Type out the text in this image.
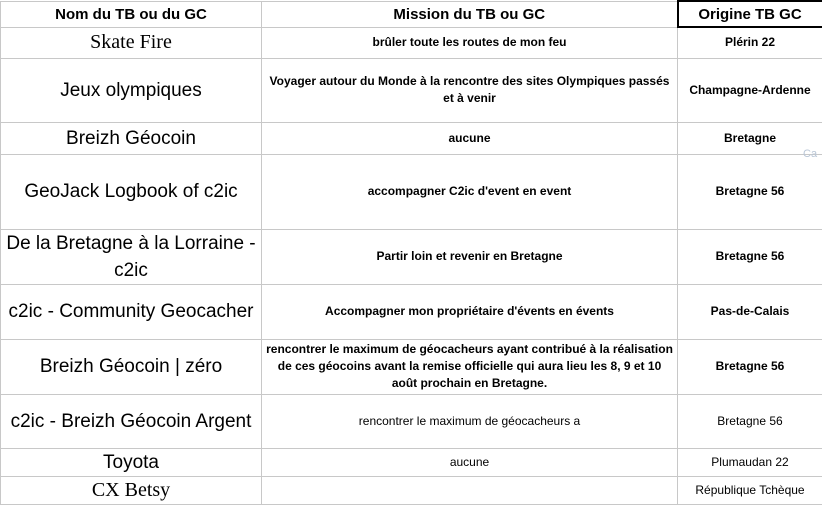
Nom du TB ou du GC	Mission du TB ou GC	Origine TB GC
Skate Fire	brûler toute les routes de mon feu	Plérin 22
Jeux olympiques	Voyager autour du Monde à la rencontre des sites Olympiques passés et à venir	Champagne-Ardenne
Breizh Géocoin	aucune	Bretagne
GeoJack Logbook of c2ic	accompagner C2ic d'event en event	Bretagne 56
De la Bretagne à la Lorraine - c2ic	Partir loin et revenir en Bretagne	Bretagne 56
c2ic - Community Geocacher	Accompagner mon propriétaire d'évents en évents	Pas-de-Calais
Breizh Géocoin | zéro	rencontrer le maximum de géocacheurs ayant contribué à la réalisation de ces géocoins avant la remise officielle qui aura lieu les 8, 9 et 10 août prochain en Bretagne.	Bretagne 56
c2ic - Breizh Géocoin Argent	rencontrer le maximum de géocacheurs a	Bretagne 56
Toyota	aucune	Plumaudan 22
CX Betsy		République Tchèque
Ca
